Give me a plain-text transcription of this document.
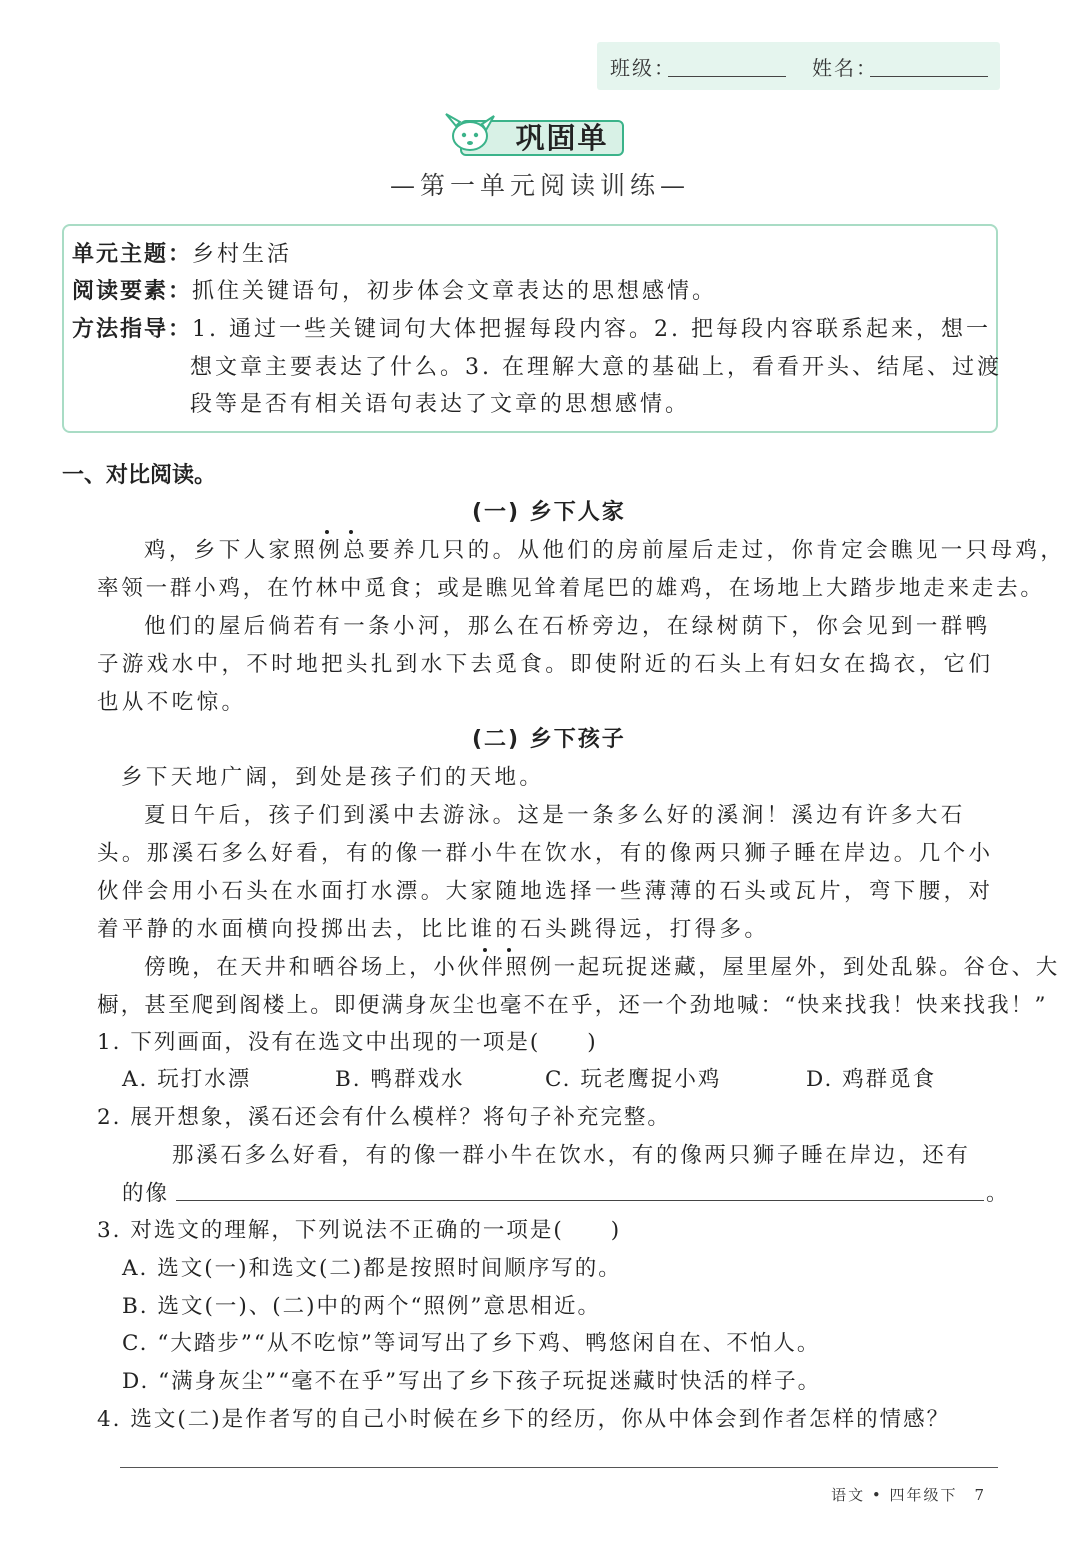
班级：	姓名：
巩固单
—第一单元阅读训练—
单元主题：乡村生活
阅读要素：抓住关键语句，初步体会文章表达的思想感情。
方法指导：1. 通过一些关键词句大体把握每段内容。2. 把每段内容联系起来，想一
想文章主要表达了什么。3. 在理解大意的基础上，看看开头、结尾、过渡
段等是否有相关语句表达了文章的思想感情。
一、对比阅读。
(一) 乡下人家
鸡，乡下人家照例总要养几只的。从他们的房前屋后走过，你肯定会瞧见一只母鸡，
率领一群小鸡，在竹林中觅食；或是瞧见耸着尾巴的雄鸡，在场地上大踏步地走来走去。
他们的屋后倘若有一条小河，那么在石桥旁边，在绿树荫下，你会见到一群鸭
子游戏水中，不时地把头扎到水下去觅食。即使附近的石头上有妇女在捣衣，它们
也从不吃惊。
(二) 乡下孩子
乡下天地广阔，到处是孩子们的天地。
夏日午后，孩子们到溪中去游泳。这是一条多么好的溪涧！溪边有许多大石
头。那溪石多么好看，有的像一群小牛在饮水，有的像两只狮子睡在岸边。几个小
伙伴会用小石头在水面打水漂。大家随地选择一些薄薄的石头或瓦片，弯下腰，对
着平静的水面横向投掷出去，比比谁的石头跳得远，打得多。
傍晚，在天井和晒谷场上，小伙伴照例一起玩捉迷藏，屋里屋外，到处乱躲。谷仓、大
橱，甚至爬到阁楼上。即便满身灰尘也毫不在乎，还一个劲地喊：“快来找我！快来找我！”
1. 下列画面，没有在选文中出现的一项是(　　)
A. 玩打水漂	B. 鸭群戏水	C. 玩老鹰捉小鸡	D. 鸡群觅食
2. 展开想象，溪石还会有什么模样？将句子补充完整。
那溪石多么好看，有的像一群小牛在饮水，有的像两只狮子睡在岸边，还有
的像	。
3. 对选文的理解，下列说法不正确的一项是(　　)
A. 选文(一)和选文(二)都是按照时间顺序写的。
B. 选文(一)、(二)中的两个“照例”意思相近。
C. “大踏步”“从不吃惊”等词写出了乡下鸡、鸭悠闲自在、不怕人。
D. “满身灰尘”“毫不在乎”写出了乡下孩子玩捉迷藏时快活的样子。
4. 选文(二)是作者写的自己小时候在乡下的经历，你从中体会到作者怎样的情感？
语文 • 四年级下　7
